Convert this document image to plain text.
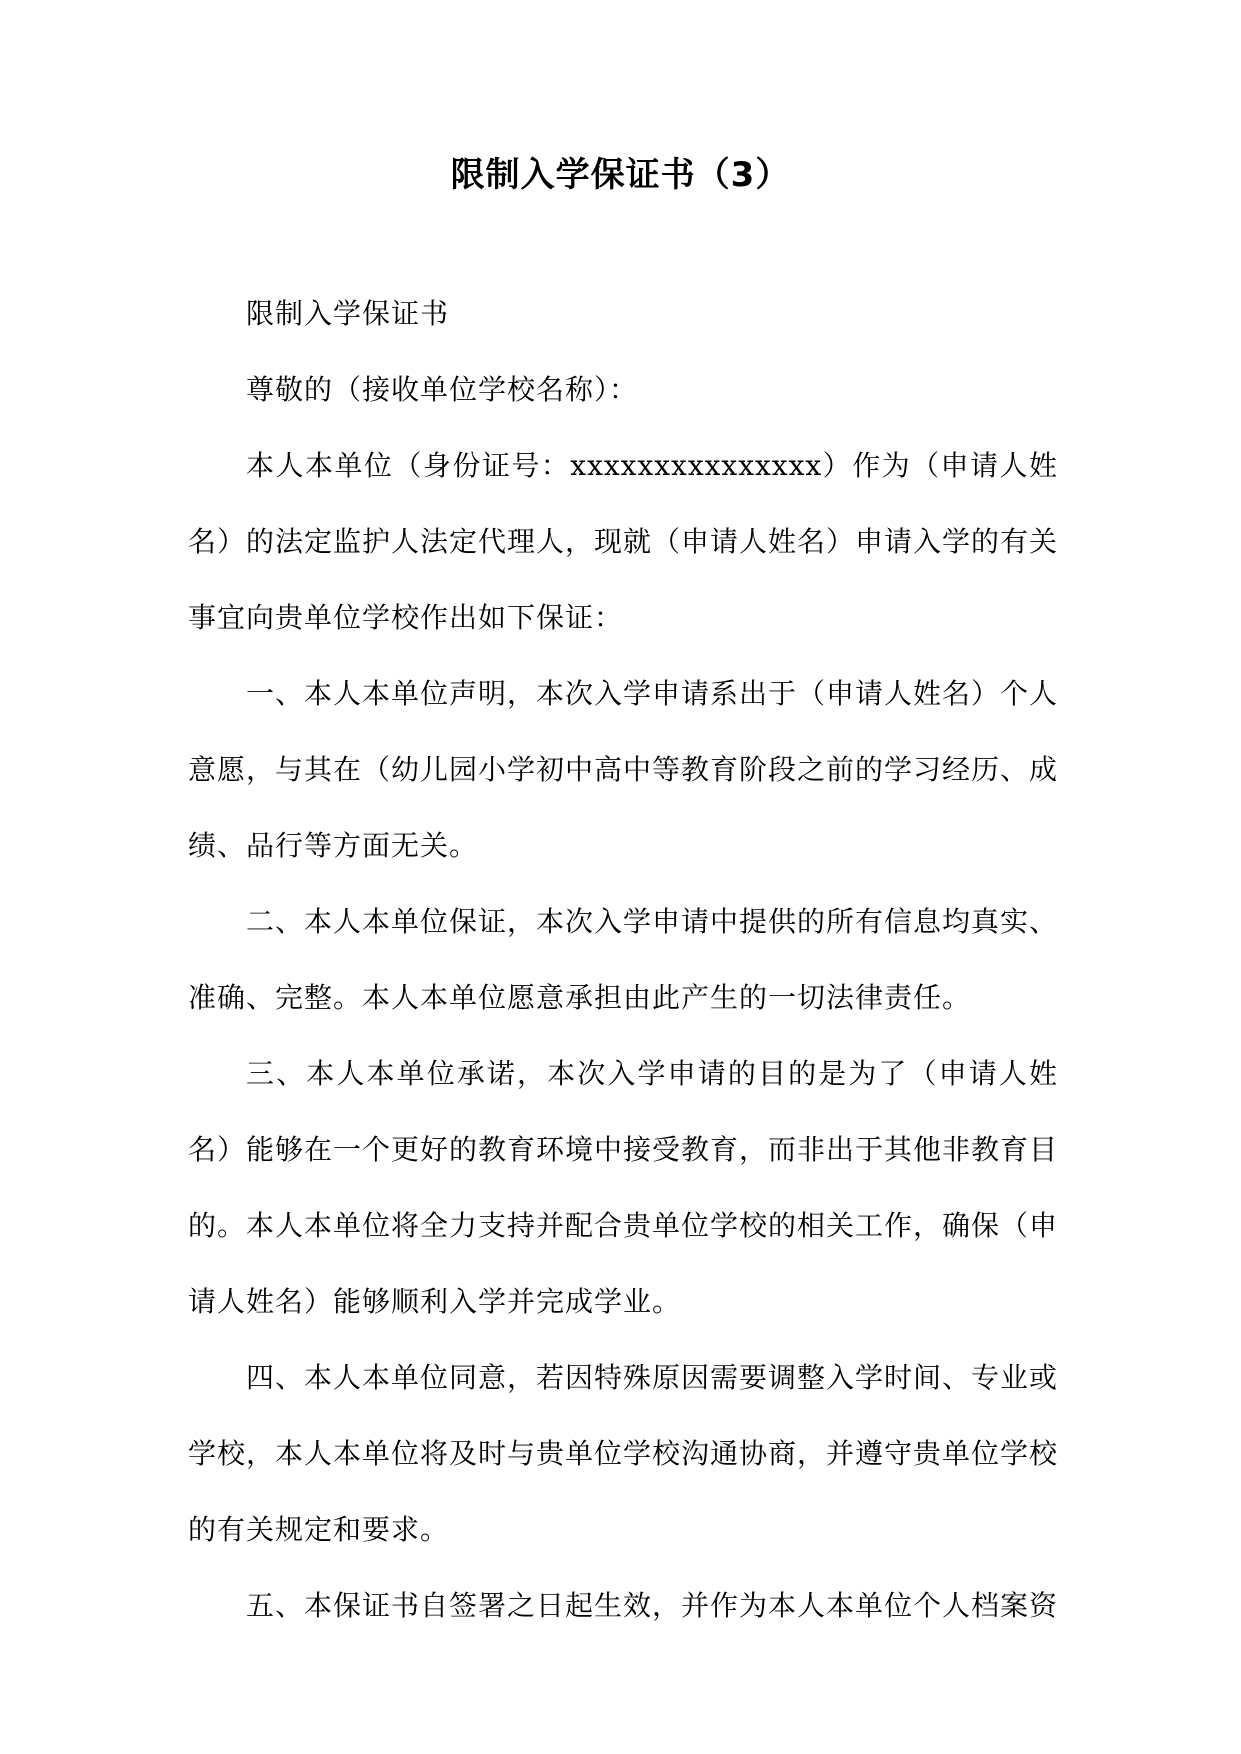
限制入学保证书（3）

限制入学保证书

尊敬的（接收单位学校名称）：

本人本单位（身份证号：xxxxxxxxxxxxxxx）作为（申请人姓名）的法定监护人法定代理人，现就（申请人姓名）申请入学的有关事宜向贵单位学校作出如下保证：

一、本人本单位声明，本次入学申请系出于（申请人姓名）个人意愿，与其在（幼儿园小学初中高中等教育阶段之前的学习经历、成绩、品行等方面无关。

二、本人本单位保证，本次入学申请中提供的所有信息均真实、准确、完整。本人本单位愿意承担由此产生的一切法律责任。

三、本人本单位承诺，本次入学申请的目的是为了（申请人姓名）能够在一个更好的教育环境中接受教育，而非出于其他非教育目的。本人本单位将全力支持并配合贵单位学校的相关工作，确保（申请人姓名）能够顺利入学并完成学业。

四、本人本单位同意，若因特殊原因需要调整入学时间、专业或学校，本人本单位将及时与贵单位学校沟通协商，并遵守贵单位学校的有关规定和要求。

五、本保证书自签署之日起生效，并作为本人本单位个人档案资
